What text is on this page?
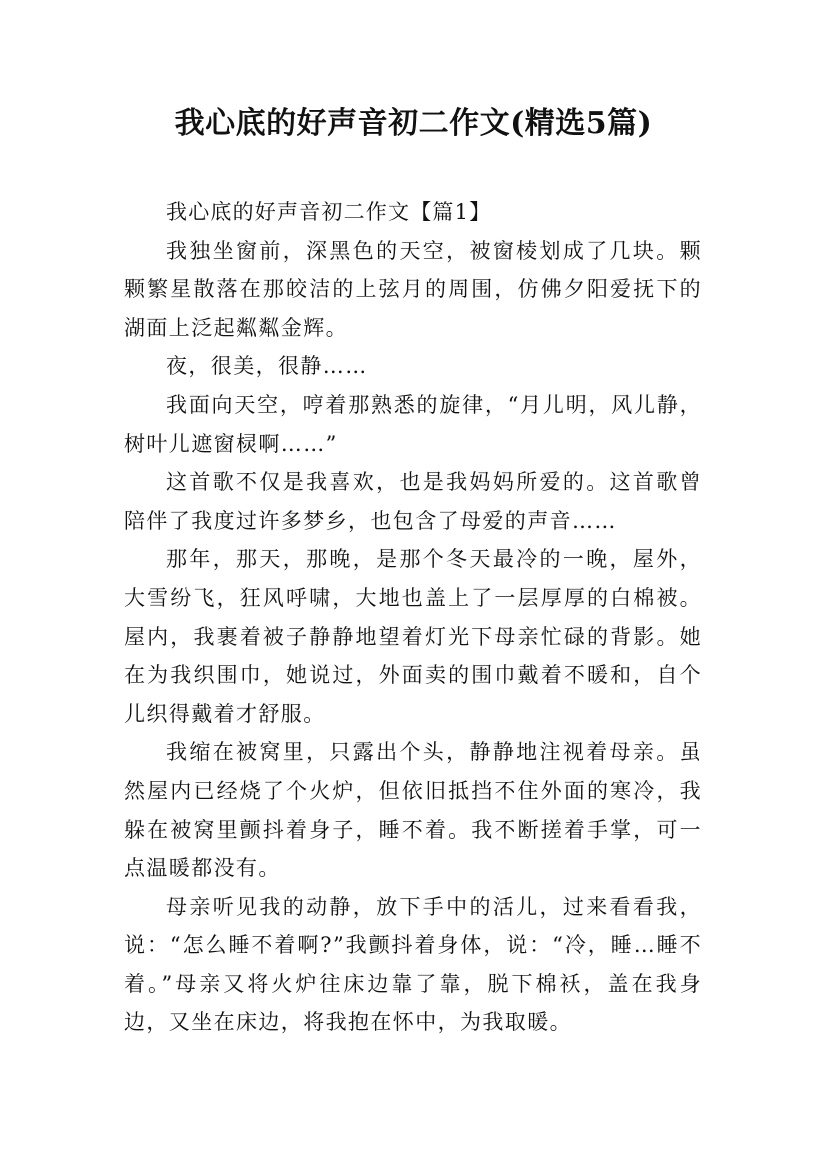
我心底的好声音初二作文(精选5篇)

我心底的好声音初二作文【篇1】

我独坐窗前，深黑色的天空，被窗棱划成了几块。颗颗繁星散落在那皎洁的上弦月的周围，仿佛夕阳爱抚下的湖面上泛起粼粼金辉。

夜，很美，很静……

我面向天空，哼着那熟悉的旋律，“月儿明，风儿静，树叶儿遮窗棂啊……”

这首歌不仅是我喜欢，也是我妈妈所爱的。这首歌曾陪伴了我度过许多梦乡，也包含了母爱的声音……

那年，那天，那晚，是那个冬天最冷的一晚，屋外，大雪纷飞，狂风呼啸，大地也盖上了一层厚厚的白棉被。屋内，我裹着被子静静地望着灯光下母亲忙碌的背影。她在为我织围巾，她说过，外面卖的围巾戴着不暖和，自个儿织得戴着才舒服。

我缩在被窝里，只露出个头，静静地注视着母亲。虽然屋内已经烧了个火炉，但依旧抵挡不住外面的寒冷，我躲在被窝里颤抖着身子，睡不着。我不断搓着手掌，可一点温暖都没有。

母亲听见我的动静，放下手中的活儿，过来看看我，说：“怎么睡不着啊?”我颤抖着身体，说：“冷，睡…睡不着。”母亲又将火炉往床边靠了靠，脱下棉袄，盖在我身边，又坐在床边，将我抱在怀中，为我取暖。
